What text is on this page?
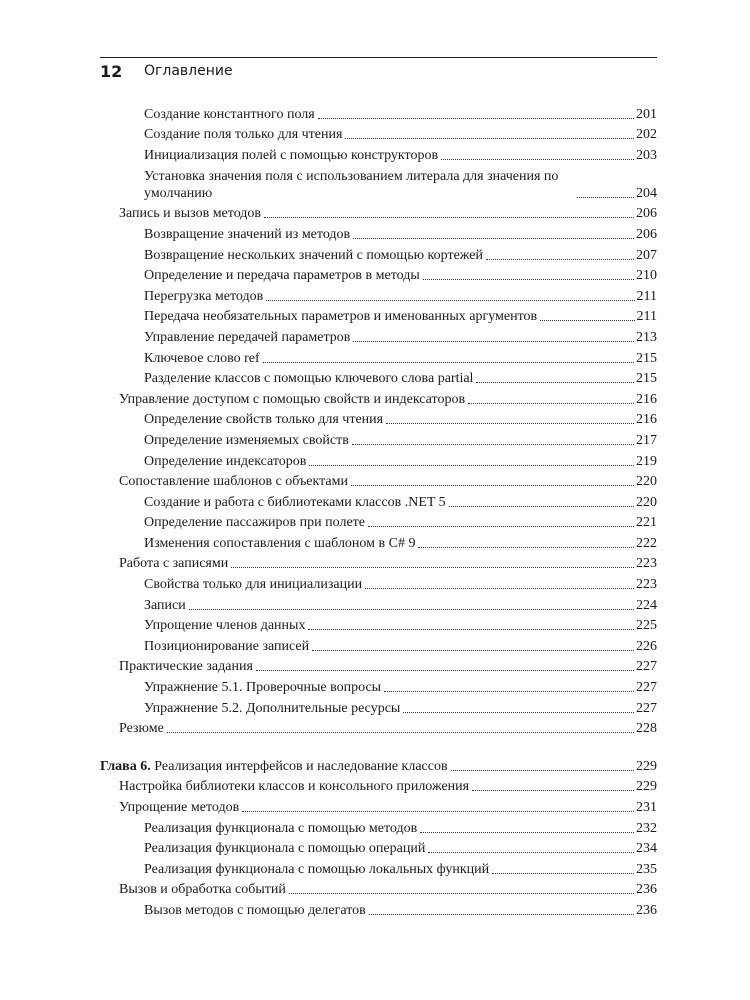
12 Оглавление
Создание константного поля	201
Создание поля только для чтения	202
Инициализация полей с помощью конструкторов	203
Установка значения поля с использованием литерала для значения по умолчанию	204
Запись и вызов методов	206
Возвращение значений из методов	206
Возвращение нескольких значений с помощью кортежей	207
Определение и передача параметров в методы	210
Перегрузка методов	211
Передача необязательных параметров и именованных аргументов	211
Управление передачей параметров	213
Ключевое слово ref	215
Разделение классов с помощью ключевого слова partial	215
Управление доступом с помощью свойств и индексаторов	216
Определение свойств только для чтения	216
Определение изменяемых свойств	217
Определение индексаторов	219
Сопоставление шаблонов с объектами	220
Создание и работа с библиотеками классов .NET 5	220
Определение пассажиров при полете	221
Изменения сопоставления с шаблоном в C# 9	222
Работа с записями	223
Свойства только для инициализации	223
Записи	224
Упрощение членов данных	225
Позиционирование записей	226
Практические задания	227
Упражнение 5.1. Проверочные вопросы	227
Упражнение 5.2. Дополнительные ресурсы	227
Резюме	228
Глава 6. Реализация интерфейсов и наследование классов	229
Настройка библиотеки классов и консольного приложения	229
Упрощение методов	231
Реализация функционала с помощью методов	232
Реализация функционала с помощью операций	234
Реализация функционала с помощью локальных функций	235
Вызов и обработка событий	236
Вызов методов с помощью делегатов	236
